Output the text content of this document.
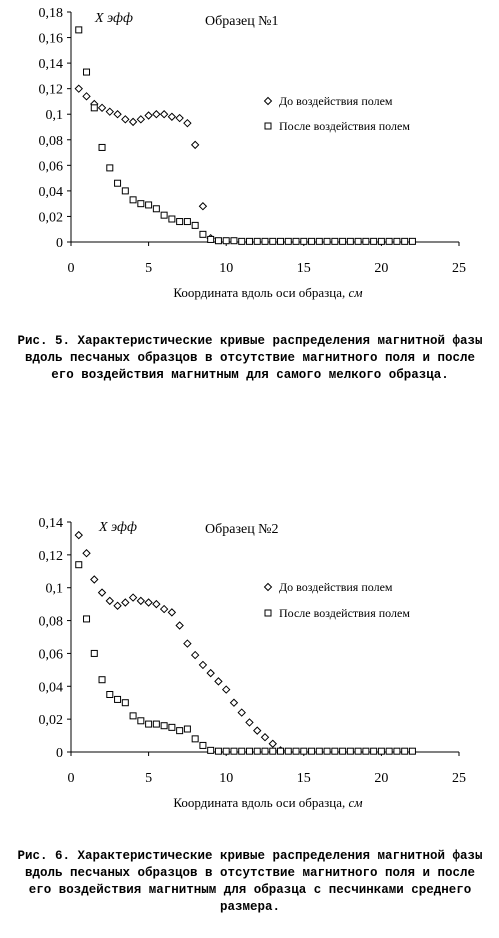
0
0,02
0,04
0,06
0,08
0,1
0,12
0,14
0,16
0,18
0	5	10	15	20	25
Координата вдоль оси образца, см
X эфф	Образец №1
До воздействия полем
После воздействия полем

Рис. 5. Характеристические кривые распределения магнитной фазы вдоль песчаных образцов в отсутствие магнитного поля и после его воздействия магнитным для самого мелкого образца.

0
0,02
0,04
0,06
0,08
0,1
0,12
0,14
0	5	10	15	20	25
Координата вдоль оси образца, см
X эфф	Образец №2
До воздействия полем
После воздействия полем

Рис. 6. Характеристические кривые распределения магнитной фазы вдоль песчаных образцов в отсутствие магнитного поля и после его воздействия магнитным для образца с песчинками среднего размера.
